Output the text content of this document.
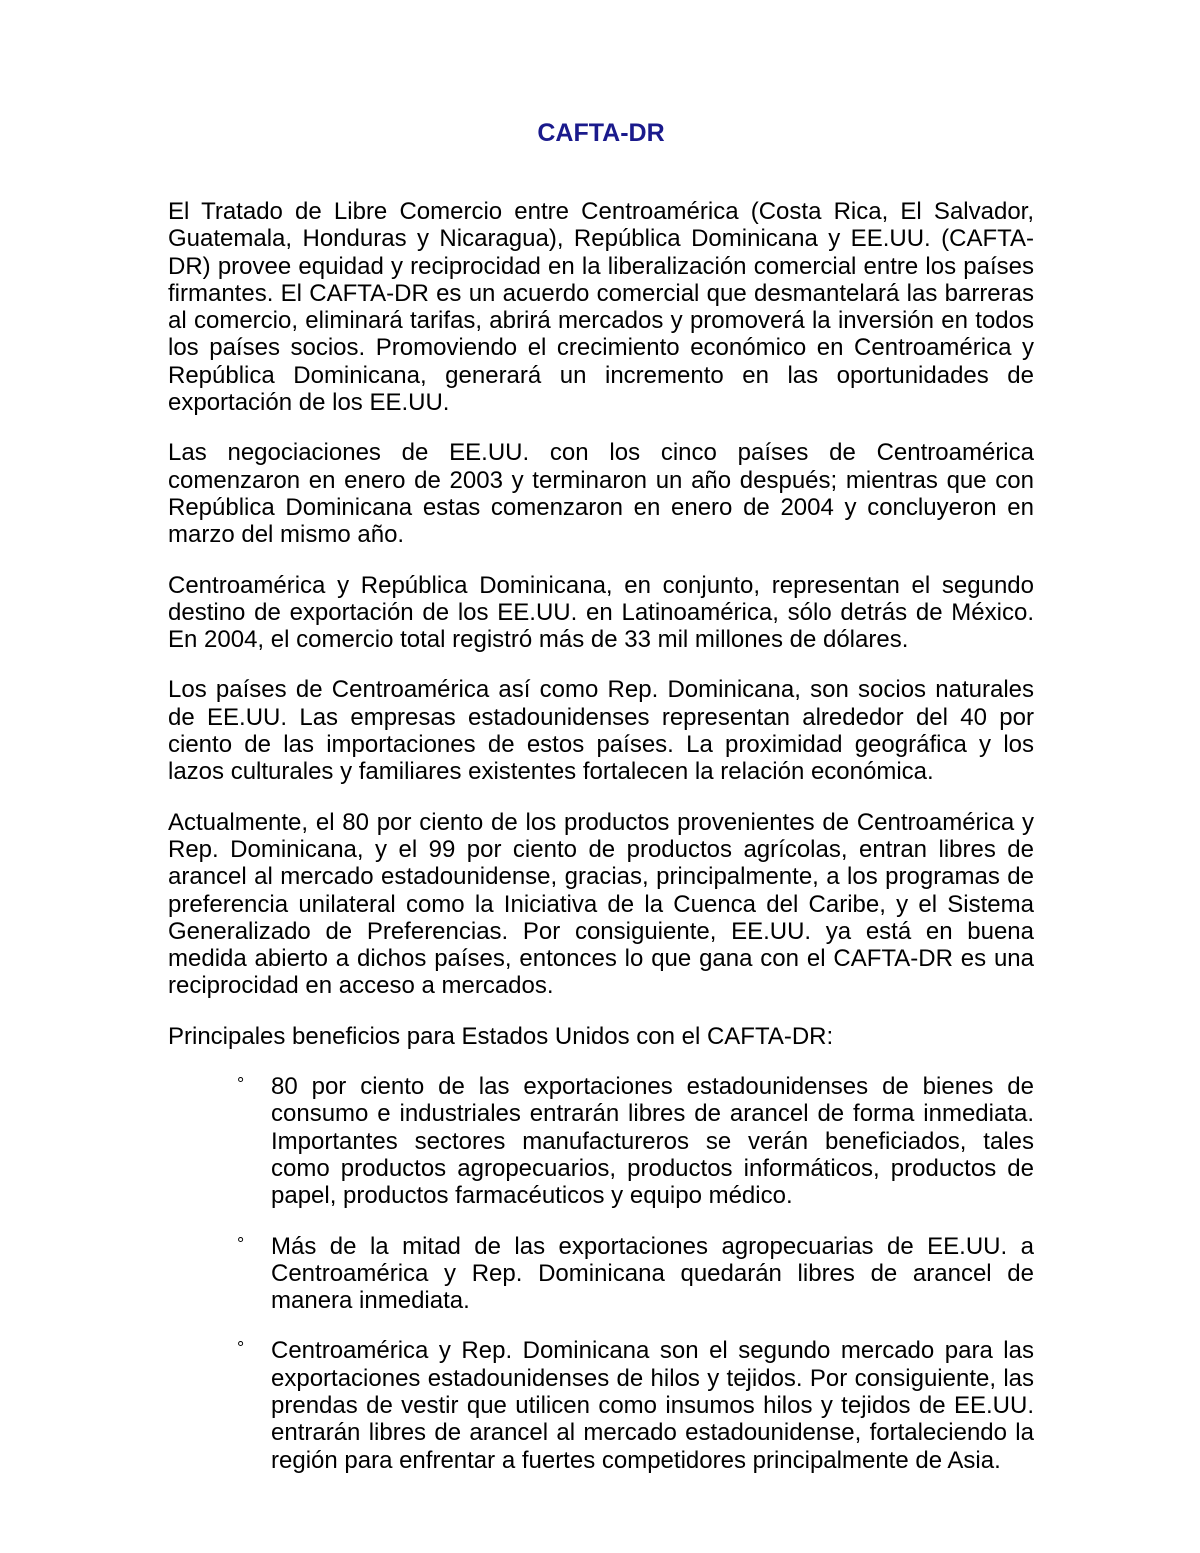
CAFTA-DR

El Tratado de Libre Comercio entre Centroamérica (Costa Rica, El Salvador, Guatemala, Honduras y Nicaragua), República Dominicana y EE.UU. (CAFTA-DR) provee equidad y reciprocidad en la liberalización comercial entre los países firmantes. El CAFTA-DR es un acuerdo comercial que desmantelará las barreras al comercio, eliminará tarifas, abrirá mercados y promoverá la inversión en todos los países socios. Promoviendo el crecimiento económico en Centroamérica y República Dominicana, generará un incremento en las oportunidades de exportación de los EE.UU.

Las negociaciones de EE.UU. con los cinco países de Centroamérica comenzaron en enero de 2003 y terminaron un año después; mientras que con República Dominicana estas comenzaron en enero de 2004 y concluyeron en marzo del mismo año.

Centroamérica y República Dominicana, en conjunto, representan el segundo destino de exportación de los EE.UU. en Latinoamérica, sólo detrás de México. En 2004, el comercio total registró más de 33 mil millones de dólares.

Los países de Centroamérica así como Rep. Dominicana, son socios naturales de EE.UU. Las empresas estadounidenses representan alrededor del 40 por ciento de las importaciones de estos países. La proximidad geográfica y los lazos culturales y familiares existentes fortalecen la relación económica.

Actualmente, el 80 por ciento de los productos provenientes de Centroamérica y Rep. Dominicana, y el 99 por ciento de productos agrícolas, entran libres de arancel al mercado estadounidense, gracias, principalmente, a los programas de preferencia unilateral como la Iniciativa de la Cuenca del Caribe, y el Sistema Generalizado de Preferencias. Por consiguiente, EE.UU. ya está en buena medida abierto a dichos países, entonces lo que gana con el CAFTA-DR es una reciprocidad en acceso a mercados.

Principales beneficios para Estados Unidos con el CAFTA-DR:

° 80 por ciento de las exportaciones estadounidenses de bienes de consumo e industriales entrarán libres de arancel de forma inmediata. Importantes sectores manufactureros se verán beneficiados, tales como productos agropecuarios, productos informáticos, productos de papel, productos farmacéuticos y equipo médico.
° Más de la mitad de las exportaciones agropecuarias de EE.UU. a Centroamérica y Rep. Dominicana quedarán libres de arancel de manera inmediata.
° Centroamérica y Rep. Dominicana son el segundo mercado para las exportaciones estadounidenses de hilos y tejidos. Por consiguiente, las prendas de vestir que utilicen como insumos hilos y tejidos de EE.UU. entrarán libres de arancel al mercado estadounidense, fortaleciendo la región para enfrentar a fuertes competidores principalmente de Asia.
